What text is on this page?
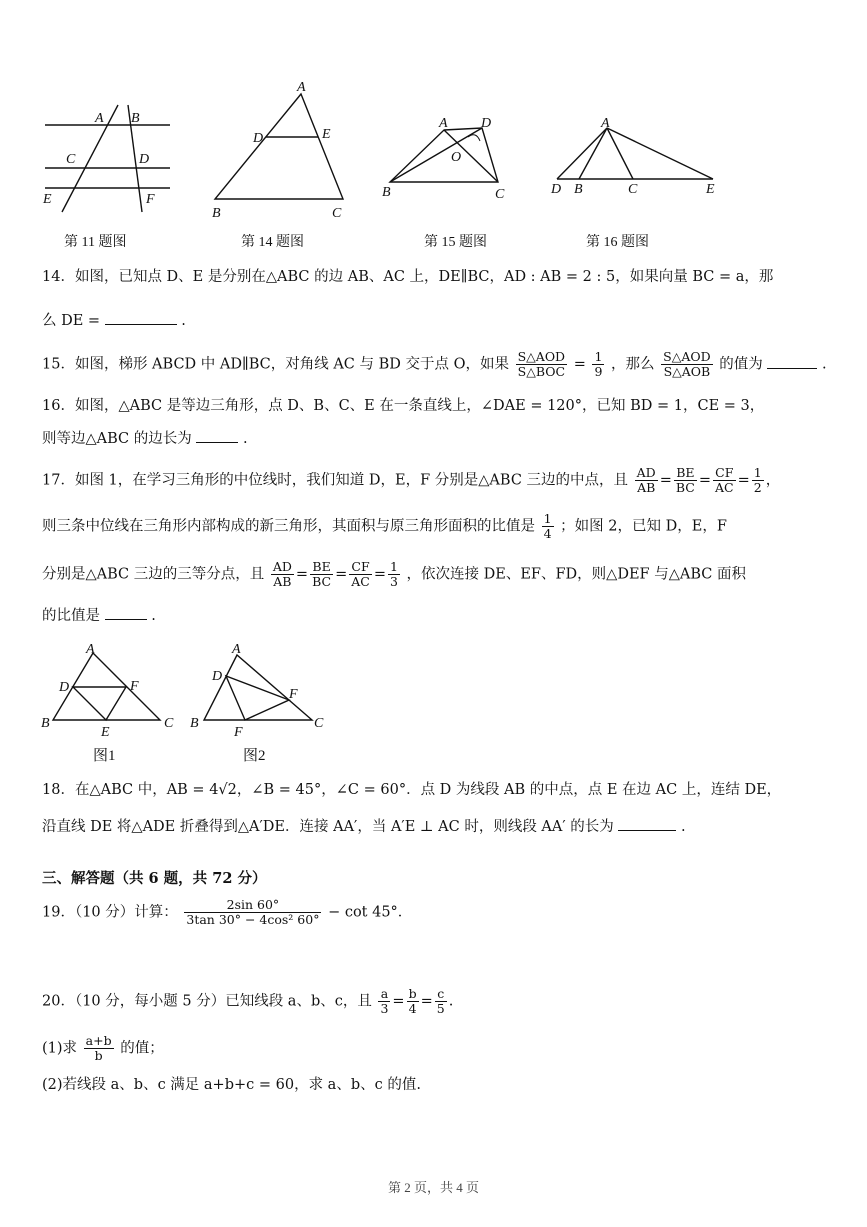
A B
C	D
E	F
第 11 题图
A
D	E
B	C
第 14 题图
A D
O
B	C
第 15 题图
A
D B	C	E
第 16 题图
14．如图，已知点 D、E 是分别在△ABC 的边 AB、AC 上，DE∥BC，AD : AB = 2 : 5，如果向量 BC = a，那
么 DE =	.
15．如图，梯形 ABCD 中 AD∥BC，对角线 AC 与 BD 交于点 O，如果 $\frac{\text{S△AOD}}{\text{S△BOC}} = \frac{1}{9}$ ，那么 $\frac{\text{S△AOD}}{\text{S△AOB}}$ 的值为	.
16．如图，△ABC 是等边三角形，点 D、B、C、E 在一条直线上，∠DAE = 120°，已知 BD = 1，CE = 3，
则等边△ABC 的边长为	.
17．如图 1，在学习三角形的中位线时，我们知道 D，E，F 分别是△ABC 三边的中点，且 $\frac{AD}{AB} = \frac{BE}{BC} = \frac{CF}{AC} = \frac{1}{2}$ ，
则三条中位线在三角形内部构成的新三角形，其面积与原三角形面积的比值是 $\frac{1}{4}$ ；如图 2，已知 D，E，F
分别是△ABC 三边的三等分点，且 $\frac{AD}{AB} = \frac{BE}{BC} = \frac{CF}{AC} = \frac{1}{3}$ ，依次连接 DE、EF、FD，则△DEF 与△ABC 面积
的比值是	.
A
D	F
B
E
C
图1
A
D
F
B
F
C
图2
18．在△ABC 中，AB = 4√2，∠B = 45°，∠C = 60°．点 D 为线段 AB 的中点，点 E 在边 AC 上，连结 DE，
沿直线 DE 将△ADE 折叠得到△A′DE．连接 AA′，当 A′E ⊥ AC 时，则线段 AA′ 的长为	.
三、解答题（共 6 题，共 72 分）
19．（10 分）计算： $\frac{2\sin 60^\circ}{\text{3tan 30° − 4cos² 60°}} - \cot 45^\circ$．
20．（10 分，每小题 5 分）已知线段 a、b、c，且 $\frac{a}{3} = \frac{b}{4} = \frac{c}{5}$ .
(1)求 $\frac{a+b}{b}$ 的值；
(2)若线段 a、b、c 满足 a+b+c = 60，求 a、b、c 的值.
第 2 页，共 4 页
